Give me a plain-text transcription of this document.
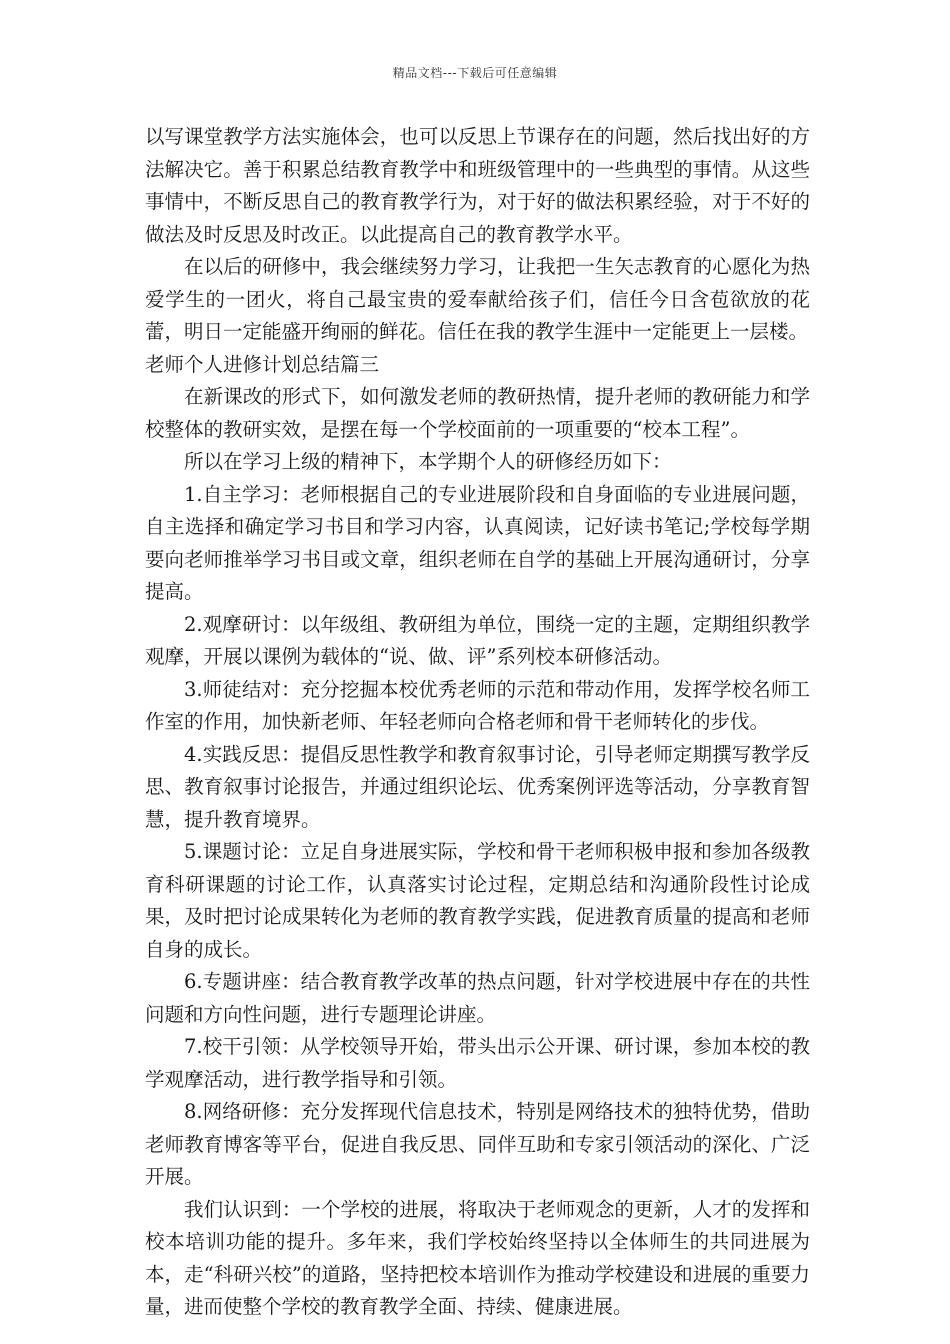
精品文档---下载后可任意编辑

以写课堂教学方法实施体会，也可以反思上节课存在的问题，然后找出好的方法解决它。善于积累总结教育教学中和班级管理中的一些典型的事情。从这些事情中，不断反思自己的教育教学行为，对于好的做法积累经验，对于不好的做法及时反思及时改正。以此提高自己的教育教学水平。

在以后的研修中，我会继续努力学习，让我把一生矢志教育的心愿化为热爱学生的一团火，将自己最宝贵的爱奉献给孩子们，信任今日含苞欲放的花蕾，明日一定能盛开绚丽的鲜花。信任在我的教学生涯中一定能更上一层楼。

老师个人进修计划总结篇三

在新课改的形式下，如何激发老师的教研热情，提升老师的教研能力和学校整体的教研实效，是摆在每一个学校面前的一项重要的“校本工程”。

所以在学习上级的精神下，本学期个人的研修经历如下：

1.自主学习：老师根据自己的专业进展阶段和自身面临的专业进展问题，自主选择和确定学习书目和学习内容，认真阅读，记好读书笔记;学校每学期要向老师推举学习书目或文章，组织老师在自学的基础上开展沟通研讨，分享提高。

2.观摩研讨：以年级组、教研组为单位，围绕一定的主题，定期组织教学观摩，开展以课例为载体的“说、做、评”系列校本研修活动。

3.师徒结对：充分挖掘本校优秀老师的示范和带动作用，发挥学校名师工作室的作用，加快新老师、年轻老师向合格老师和骨干老师转化的步伐。

4.实践反思：提倡反思性教学和教育叙事讨论，引导老师定期撰写教学反思、教育叙事讨论报告，并通过组织论坛、优秀案例评选等活动，分享教育智慧，提升教育境界。

5.课题讨论：立足自身进展实际，学校和骨干老师积极申报和参加各级教育科研课题的讨论工作，认真落实讨论过程，定期总结和沟通阶段性讨论成果，及时把讨论成果转化为老师的教育教学实践，促进教育质量的提高和老师自身的成长。

6.专题讲座：结合教育教学改革的热点问题，针对学校进展中存在的共性问题和方向性问题，进行专题理论讲座。

7.校干引领：从学校领导开始，带头出示公开课、研讨课，参加本校的教学观摩活动，进行教学指导和引领。

8.网络研修：充分发挥现代信息技术，特别是网络技术的独特优势，借助老师教育博客等平台，促进自我反思、同伴互助和专家引领活动的深化、广泛开展。

我们认识到：一个学校的进展，将取决于老师观念的更新，人才的发挥和校本培训功能的提升。多年来，我们学校始终坚持以全体师生的共同进展为本，走“科研兴校”的道路，坚持把校本培训作为推动学校建设和进展的重要力量，进而使整个学校的教育教学全面、持续、健康进展。
